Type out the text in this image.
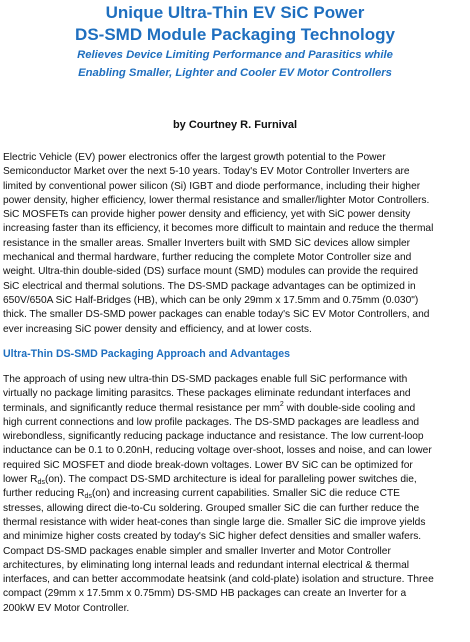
Unique Ultra-Thin EV SiC Power

DS-SMD Module Packaging Technology

Relieves Device Limiting Performance and Parasitics while

Enabling Smaller, Lighter and Cooler EV Motor Controllers

by Courtney R. Furnival

Electric Vehicle (EV) power electronics offer the largest growth potential to the Power
Semiconductor Market over the next 5-10 years. Today's EV Motor Controller Inverters are
limited by conventional power silicon (Si) IGBT and diode performance, including their higher
power density, higher efficiency, lower thermal resistance and smaller/lighter Motor Controllers.
SiC MOSFETs can provide higher power density and efficiency, yet with SiC power density
increasing faster than its efficiency, it becomes more difficult to maintain and reduce the thermal
resistance in the smaller areas. Smaller Inverters built with SMD SiC devices allow simpler
mechanical and thermal hardware, further reducing the complete Motor Controller size and
weight. Ultra-thin double-sided (DS) surface mount (SMD) modules can provide the required
SiC electrical and thermal solutions. The DS-SMD package advantages can be optimized in
650V/650A SiC Half-Bridges (HB), which can be only 29mm x 17.5mm and 0.75mm (0.030")
thick. The smaller DS-SMD power packages can enable today's SiC EV Motor Controllers, and
ever increasing SiC power density and efficiency, and at lower costs.

Ultra-Thin DS-SMD Packaging Approach and Advantages

The approach of using new ultra-thin DS-SMD packages enable full SiC performance with
virtually no package limiting parasitcs. These packages eliminate redundant interfaces and
terminals, and significantly reduce thermal resistance per $mm^2$ with double-side cooling and
high current connections and low profile packages. The DS-SMD packages are leadless and
wirebondless, significantly reducing package inductance and resistance. The low current-loop
inductance can be 0.1 to 0.20nH, reducing voltage over-shoot, losses and noise, and can lower
required SiC MOSFET and diode break-down voltages. Lower BV SiC can be optimized for
lower $R_{ds}(on)$. The compact DS-SMD architecture is ideal for paralleling power switches die,
further reducing $R_{ds}(on)$ and increasing current capabilities. Smaller SiC die reduce CTE
stresses, allowing direct die-to-Cu soldering. Grouped smaller SiC die can further reduce the
thermal resistance with wider heat-cones than single large die. Smaller SiC die improve yields
and minimize higher costs created by today's SiC higher defect densities and smaller wafers.
Compact DS-SMD packages enable simpler and smaller Inverter and Motor Controller
architectures, by eliminating long internal leads and redundant internal electrical & thermal
interfaces, and can better accommodate heatsink (and cold-plate) isolation and structure. Three
compact (29mm x 17.5mm x 0.75mm) DS-SMD HB packages can create an Inverter for a
200kW EV Motor Controller.
